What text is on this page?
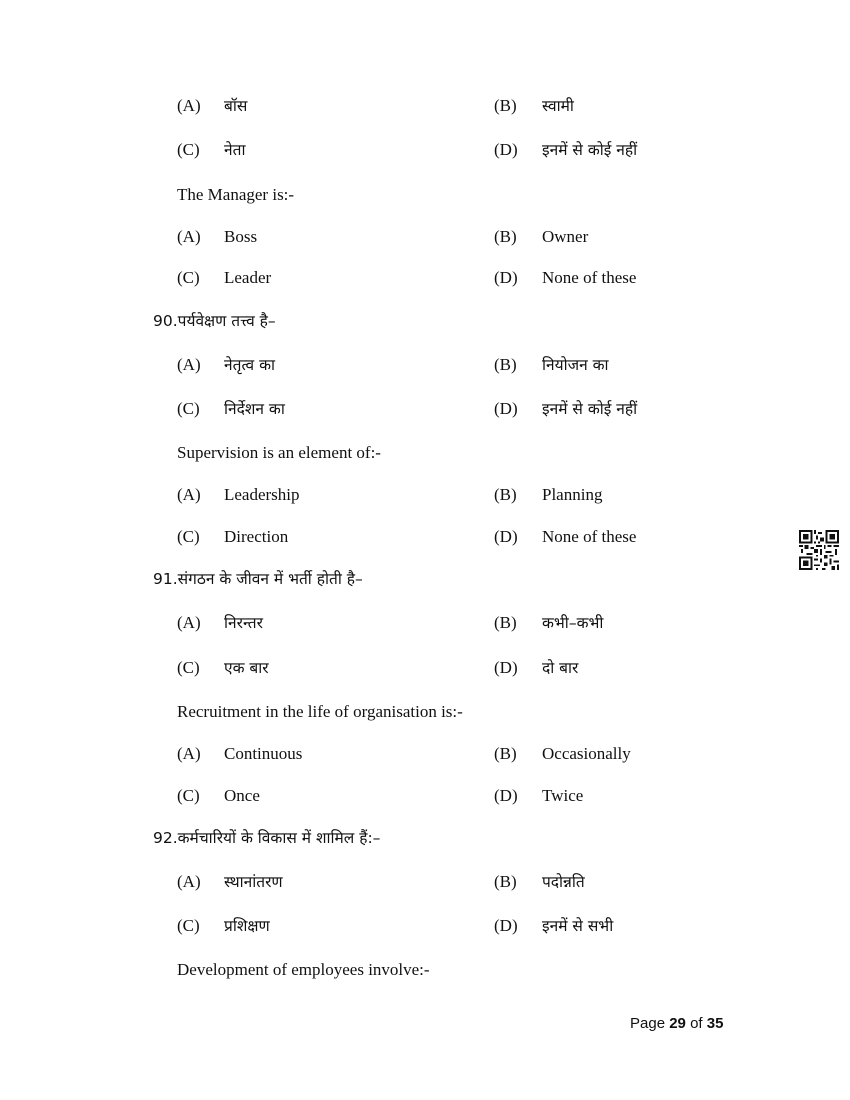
(A) बॉस	(B) स्वामी
(C) नेता	(D) इनमें से कोई नहीं
The Manager is:-
(A) Boss	(B) Owner
(C) Leader	(D) None of these
90.पर्यवेक्षण तत्त्व है–
(A) नेतृत्व का	(B) नियोजन का
(C) निर्देशन का	(D) इनमें से कोई नहीं
Supervision is an element of:-
(A) Leadership	(B) Planning
(C) Direction	(D) None of these
91.संगठन के जीवन में भर्ती होती है–
(A) निरन्तर	(B) कभी–कभी
(C) एक बार	(D) दो बार
Recruitment in the life of organisation is:-
(A) Continuous	(B) Occasionally
(C) Once	(D) Twice
92.कर्मचारियों के विकास में शामिल हैं:–
(A) स्थानांतरण	(B) पदोन्नति
(C) प्रशिक्षण	(D) इनमें से सभी
Development of employees involve:-
Page 29 of 35
